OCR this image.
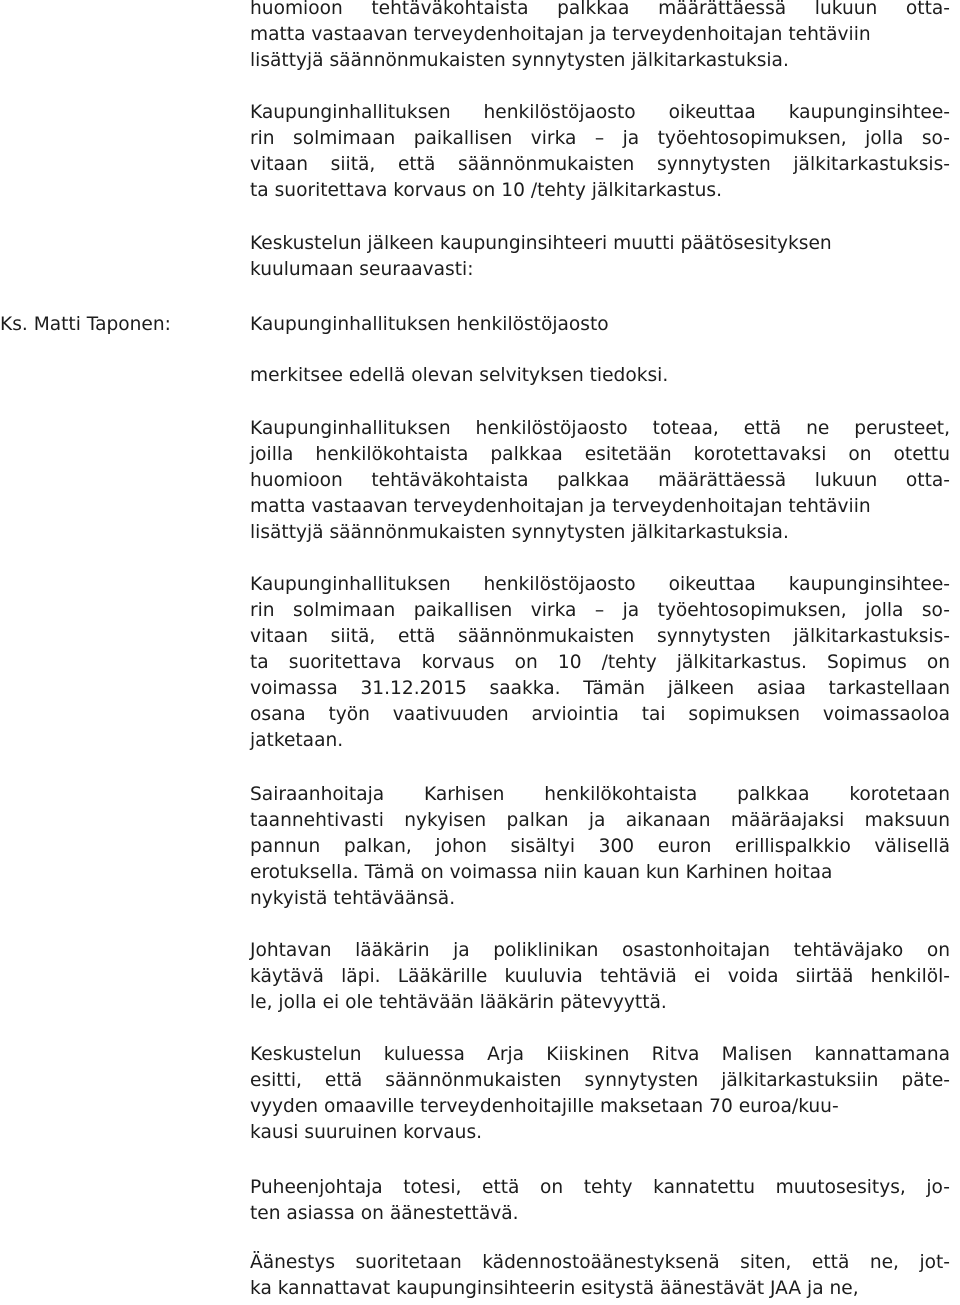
huomioon tehtäväkohtaista palkkaa määrättäessä lukuun otta-
matta vastaavan terveydenhoitajan ja terveydenhoitajan tehtäviin
lisättyjä säännönmukaisten synnytysten jälkitarkastuksia.
Kaupunginhallituksen henkilöstöjaosto oikeuttaa kaupunginsihtee-
rin solmimaan paikallisen virka – ja työehtosopimuksen, jolla so-
vitaan siitä, että säännönmukaisten synnytysten jälkitarkastuksis-
ta suoritettava korvaus on 10 /tehty jälkitarkastus.
Keskustelun jälkeen kaupunginsihteeri muutti päätösesityksen
kuulumaan seuraavasti:
Ks. Matti Taponen:	Kaupunginhallituksen henkilöstöjaosto
merkitsee edellä olevan selvityksen tiedoksi.
Kaupunginhallituksen henkilöstöjaosto toteaa, että ne perusteet,
joilla henkilökohtaista palkkaa esitetään korotettavaksi on otettu
huomioon tehtäväkohtaista palkkaa määrättäessä lukuun otta-
matta vastaavan terveydenhoitajan ja terveydenhoitajan tehtäviin
lisättyjä säännönmukaisten synnytysten jälkitarkastuksia.
Kaupunginhallituksen henkilöstöjaosto oikeuttaa kaupunginsihtee-
rin solmimaan paikallisen virka – ja työehtosopimuksen, jolla so-
vitaan siitä, että säännönmukaisten synnytysten jälkitarkastuksis-
ta suoritettava korvaus on 10 /tehty jälkitarkastus. Sopimus on
voimassa 31.12.2015 saakka. Tämän jälkeen asiaa tarkastellaan
osana työn vaativuuden arviointia tai sopimuksen voimassaoloa
jatketaan.
Sairaanhoitaja Karhisen henkilökohtaista palkkaa korotetaan
taannehtivasti nykyisen palkan ja aikanaan määräajaksi maksuun
pannun palkan, johon sisältyi 300 euron erillispalkkio välisellä
erotuksella. Tämä on voimassa niin kauan kun Karhinen hoitaa
nykyistä tehtäväänsä.
Johtavan lääkärin ja poliklinikan osastonhoitajan tehtäväjako on
käytävä läpi. Lääkärille kuuluvia tehtäviä ei voida siirtää henkilöl-
le, jolla ei ole tehtävään lääkärin pätevyyttä.
Keskustelun kuluessa Arja Kiiskinen Ritva Malisen kannattamana
esitti, että säännönmukaisten synnytysten jälkitarkastuksiin päte-
vyyden omaaville terveydenhoitajille maksetaan 70 euroa/kuu-
kausi suuruinen korvaus.
Puheenjohtaja totesi, että on tehty kannatettu muutosesitys, jo-
ten asiassa on äänestettävä.
Äänestys suoritetaan kädennostoäänestyksenä siten, että ne, jot-
ka kannattavat kaupunginsihteerin esitystä äänestävät JAA ja ne,
